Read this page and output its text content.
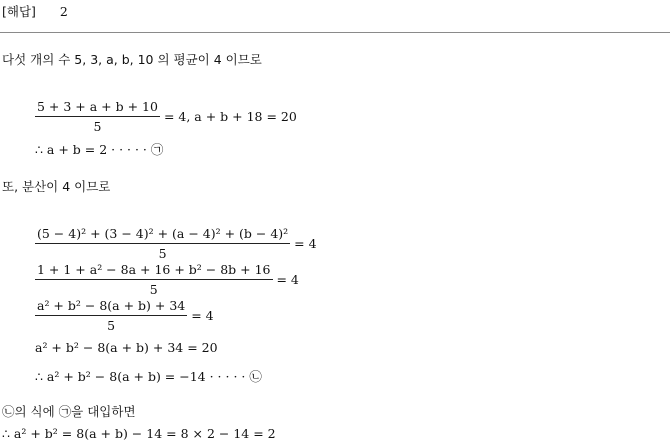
[해답] 2
다섯 개의 수 5, 3, a, b, 10 의 평균이 4 이므로
$\frac{5 + 3 + a + b + 10}{5} = 4$, a + b + 18 = 20
∴ a + b = 2 · · · · · ㉠
또, 분산이 4 이므로
$\frac{\text{(5 − 4)² + (3 − 4)² + (a − 4)² + (b − 4)²}}{5} = 4$
$\frac{\text{1 + 1 + a² − 8a + 16 + b² − 8b + 16}}{5} = 4$
$\frac{\text{a² + b² − 8(a + b) + 34}}{5} = 4$
a² + b² − 8(a + b) + 34 = 20
∴ a² + b² − 8(a + b) = −14 · · · · · ㉡
㉡의 식에 ㉠을 대입하면
∴ a² + b² = 8(a + b) − 14 = 8 × 2 − 14 = 2
